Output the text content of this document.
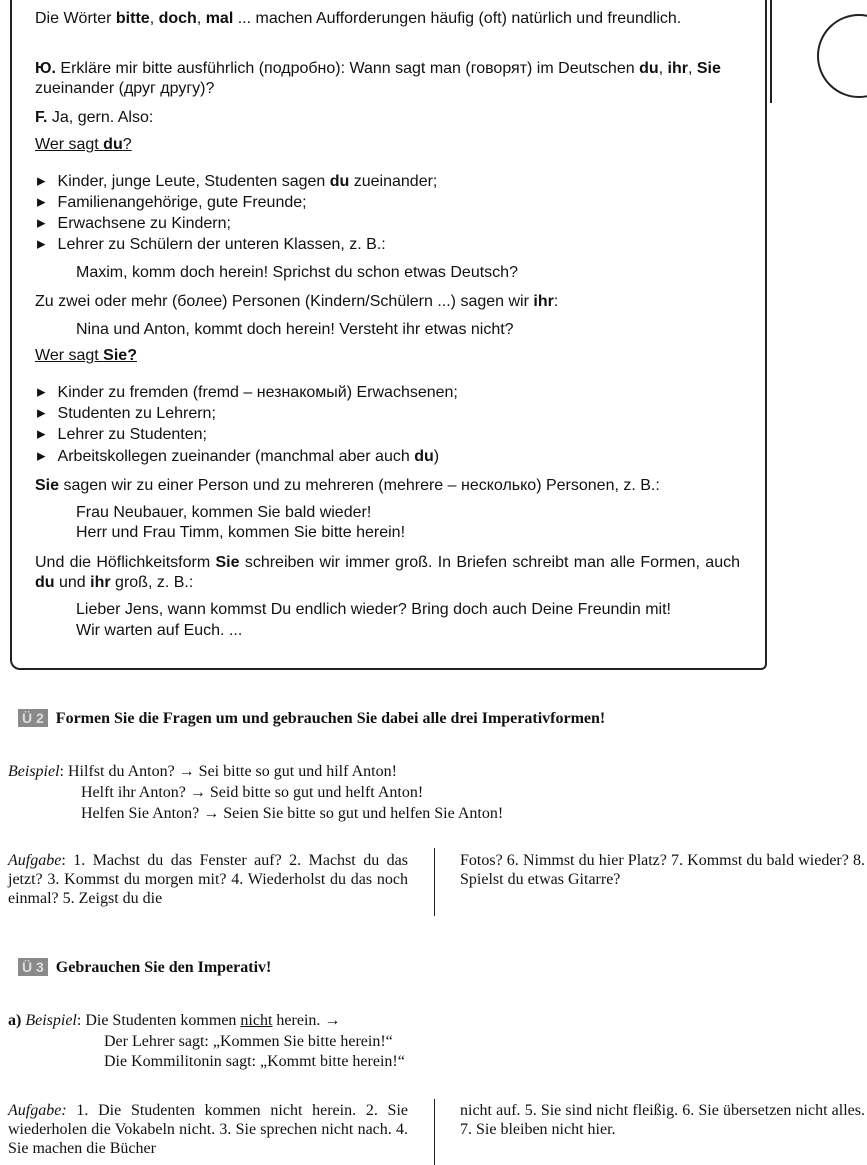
Die Wörter bitte, doch, mal ... machen Aufforderungen häufig (oft) natürlich und freundlich.
Ю. Erkläre mir bitte ausführlich (подробно): Wann sagt man (говорят) im Deutschen du, ihr, Sie zueinander (друг другу)?
F. Ja, gern. Also:
Wer sagt du?
▸ Kinder, junge Leute, Studenten sagen du zueinander;
▸ Familienangehörige, gute Freunde;
▸ Erwachsene zu Kindern;
▸ Lehrer zu Schülern der unteren Klassen, z. B.:
Maxim, komm doch herein! Sprichst du schon etwas Deutsch?
Zu zwei oder mehr (более) Personen (Kindern/Schülern ...) sagen wir ihr:
Nina und Anton, kommt doch herein! Versteht ihr etwas nicht?
Wer sagt Sie?
▸ Kinder zu fremden (fremd – незнакомый) Erwachsenen;
▸ Studenten zu Lehrern;
▸ Lehrer zu Studenten;
▸ Arbeitskollegen zueinander (manchmal aber auch du)
Sie sagen wir zu einer Person und zu mehreren (mehrere – несколько) Personen, z. B.:
Frau Neubauer, kommen Sie bald wieder!
Herr und Frau Timm, kommen Sie bitte herein!
Und die Höflichkeitsform Sie schreiben wir immer groß. In Briefen schreibt man alle Formen, auch du und ihr groß, z. B.:
Lieber Jens, wann kommst Du endlich wieder? Bring doch auch Deine Freundin mit!
Wir warten auf Euch. ...
Ü 2 Formen Sie die Fragen um und gebrauchen Sie dabei alle drei Imperativformen!
Beispiel: Hilfst du Anton? → Sei bitte so gut und hilf Anton!
Helft ihr Anton? → Seid bitte so gut und helft Anton!
Helfen Sie Anton? → Seien Sie bitte so gut und helfen Sie Anton!
Aufgabe: 1. Machst du das Fenster auf? 2. Machst du das jetzt? 3. Kommst du morgen mit? 4. Wiederholst du das noch einmal? 5. Zeigst du die
Fotos? 6. Nimmst du hier Platz? 7. Kommst du bald wieder? 8. Spielst du etwas Gitarre?
Ü 3 Gebrauchen Sie den Imperativ!
a) Beispiel: Die Studenten kommen nicht herein. →
Der Lehrer sagt: „Kommen Sie bitte herein!“
Die Kommilitonin sagt: „Kommt bitte herein!“
Aufgabe: 1. Die Studenten kommen nicht herein. 2. Sie wiederholen die Vokabeln nicht. 3. Sie sprechen nicht nach. 4. Sie machen die Bücher
nicht auf. 5. Sie sind nicht fleißig. 6. Sie übersetzen nicht alles. 7. Sie bleiben nicht hier.
